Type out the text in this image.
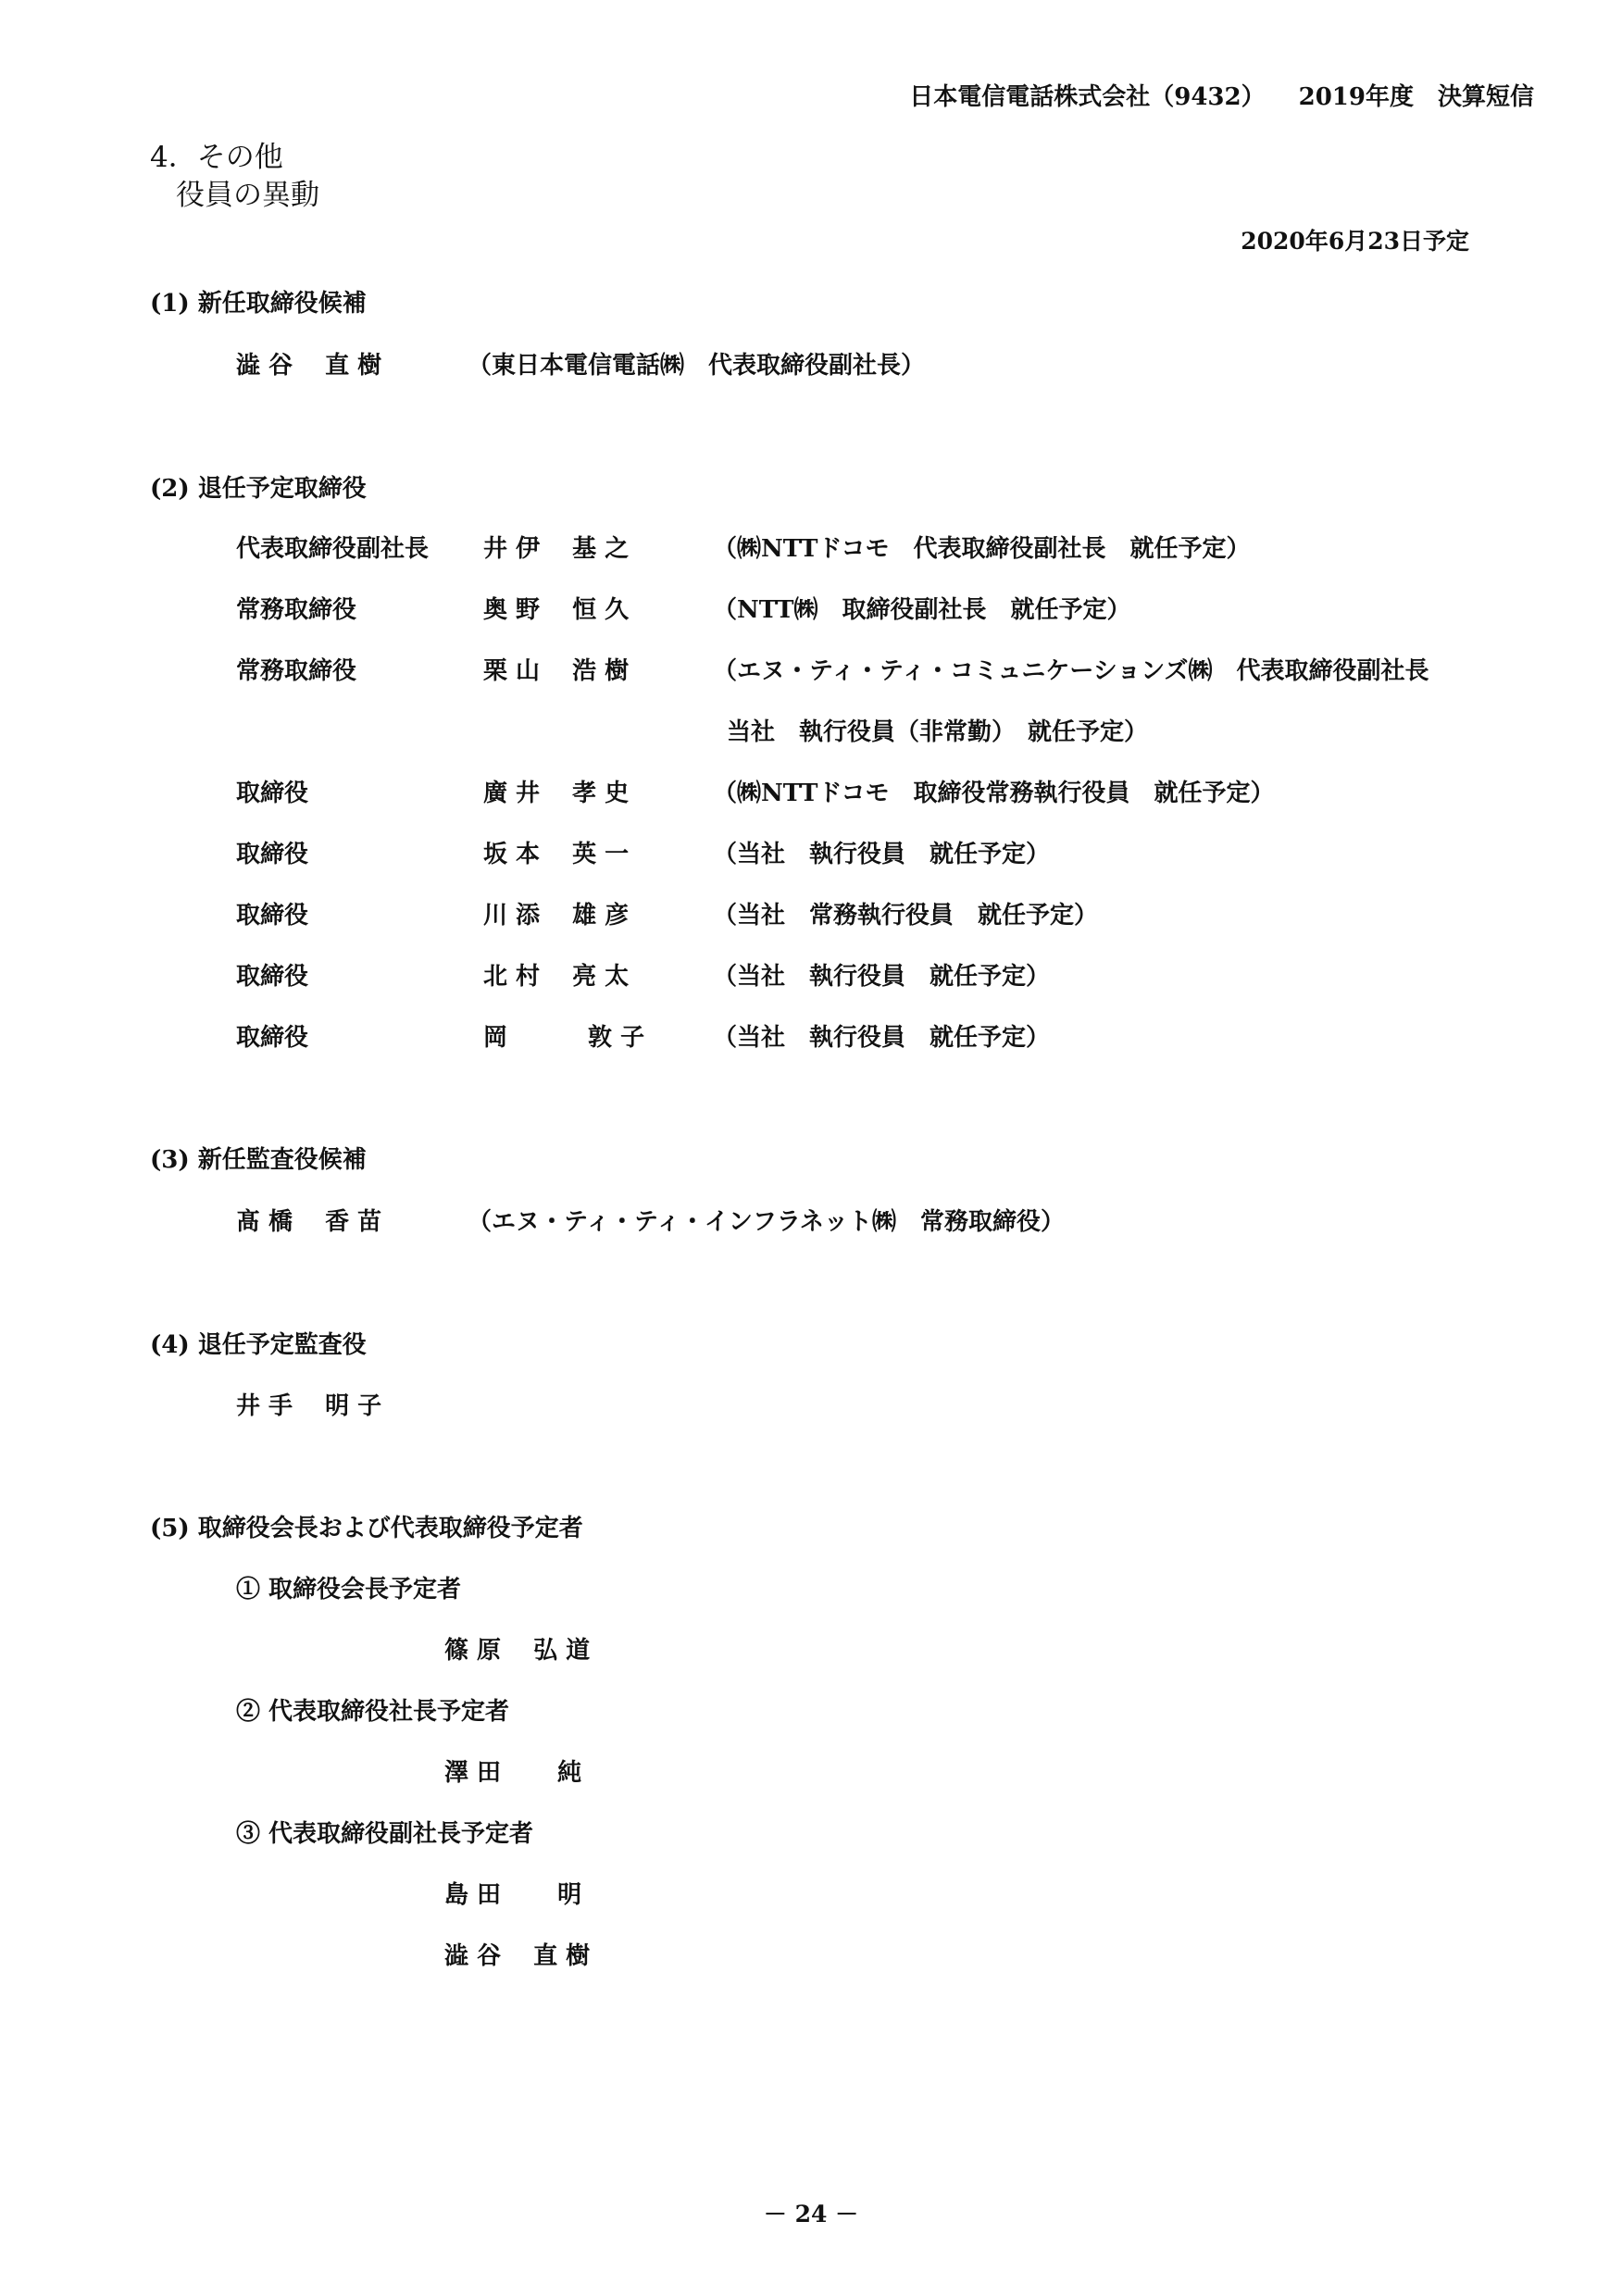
日本電信電話株式会社（9432） 2019年度　決算短信
4．その他
役員の異動
2020年6月23日予定
(1) 新任取締役候補
澁 谷　 直 樹	（東日本電信電話㈱　代表取締役副社長）
(2) 退任予定取締役
代表取締役副社長 井 伊　 基 之	（㈱NTTドコモ　代表取締役副社長　就任予定）
常務取締役	奥 野　 恒 久	（NTT㈱　取締役副社長　就任予定）
常務取締役	栗 山　 浩 樹	（エヌ・ティ・ティ・コミュニケーションズ㈱　代表取締役副社長
当社　執行役員（非常勤）　就任予定）
取締役	廣 井　 孝 史	（㈱NTTドコモ　取締役常務執行役員　就任予定）
取締役	坂 本　 英 一	（当社　執行役員　就任予定）
取締役	川 添　 雄 彦	（当社　常務執行役員　就任予定）
取締役	北 村　 亮 太	（当社　執行役員　就任予定）
取締役	岡　　　 敦 子	（当社　執行役員　就任予定）
(3) 新任監査役候補
髙 橋　 香 苗	（エヌ・ティ・ティ・インフラネット㈱　常務取締役）
(4) 退任予定監査役
井 手　 明 子
(5) 取締役会長および代表取締役予定者
① 取締役会長予定者
篠 原　 弘 道
② 代表取締役社長予定者
澤 田　　 純
③ 代表取締役副社長予定者
島 田　　 明
澁 谷　 直 樹
－ 24 －
